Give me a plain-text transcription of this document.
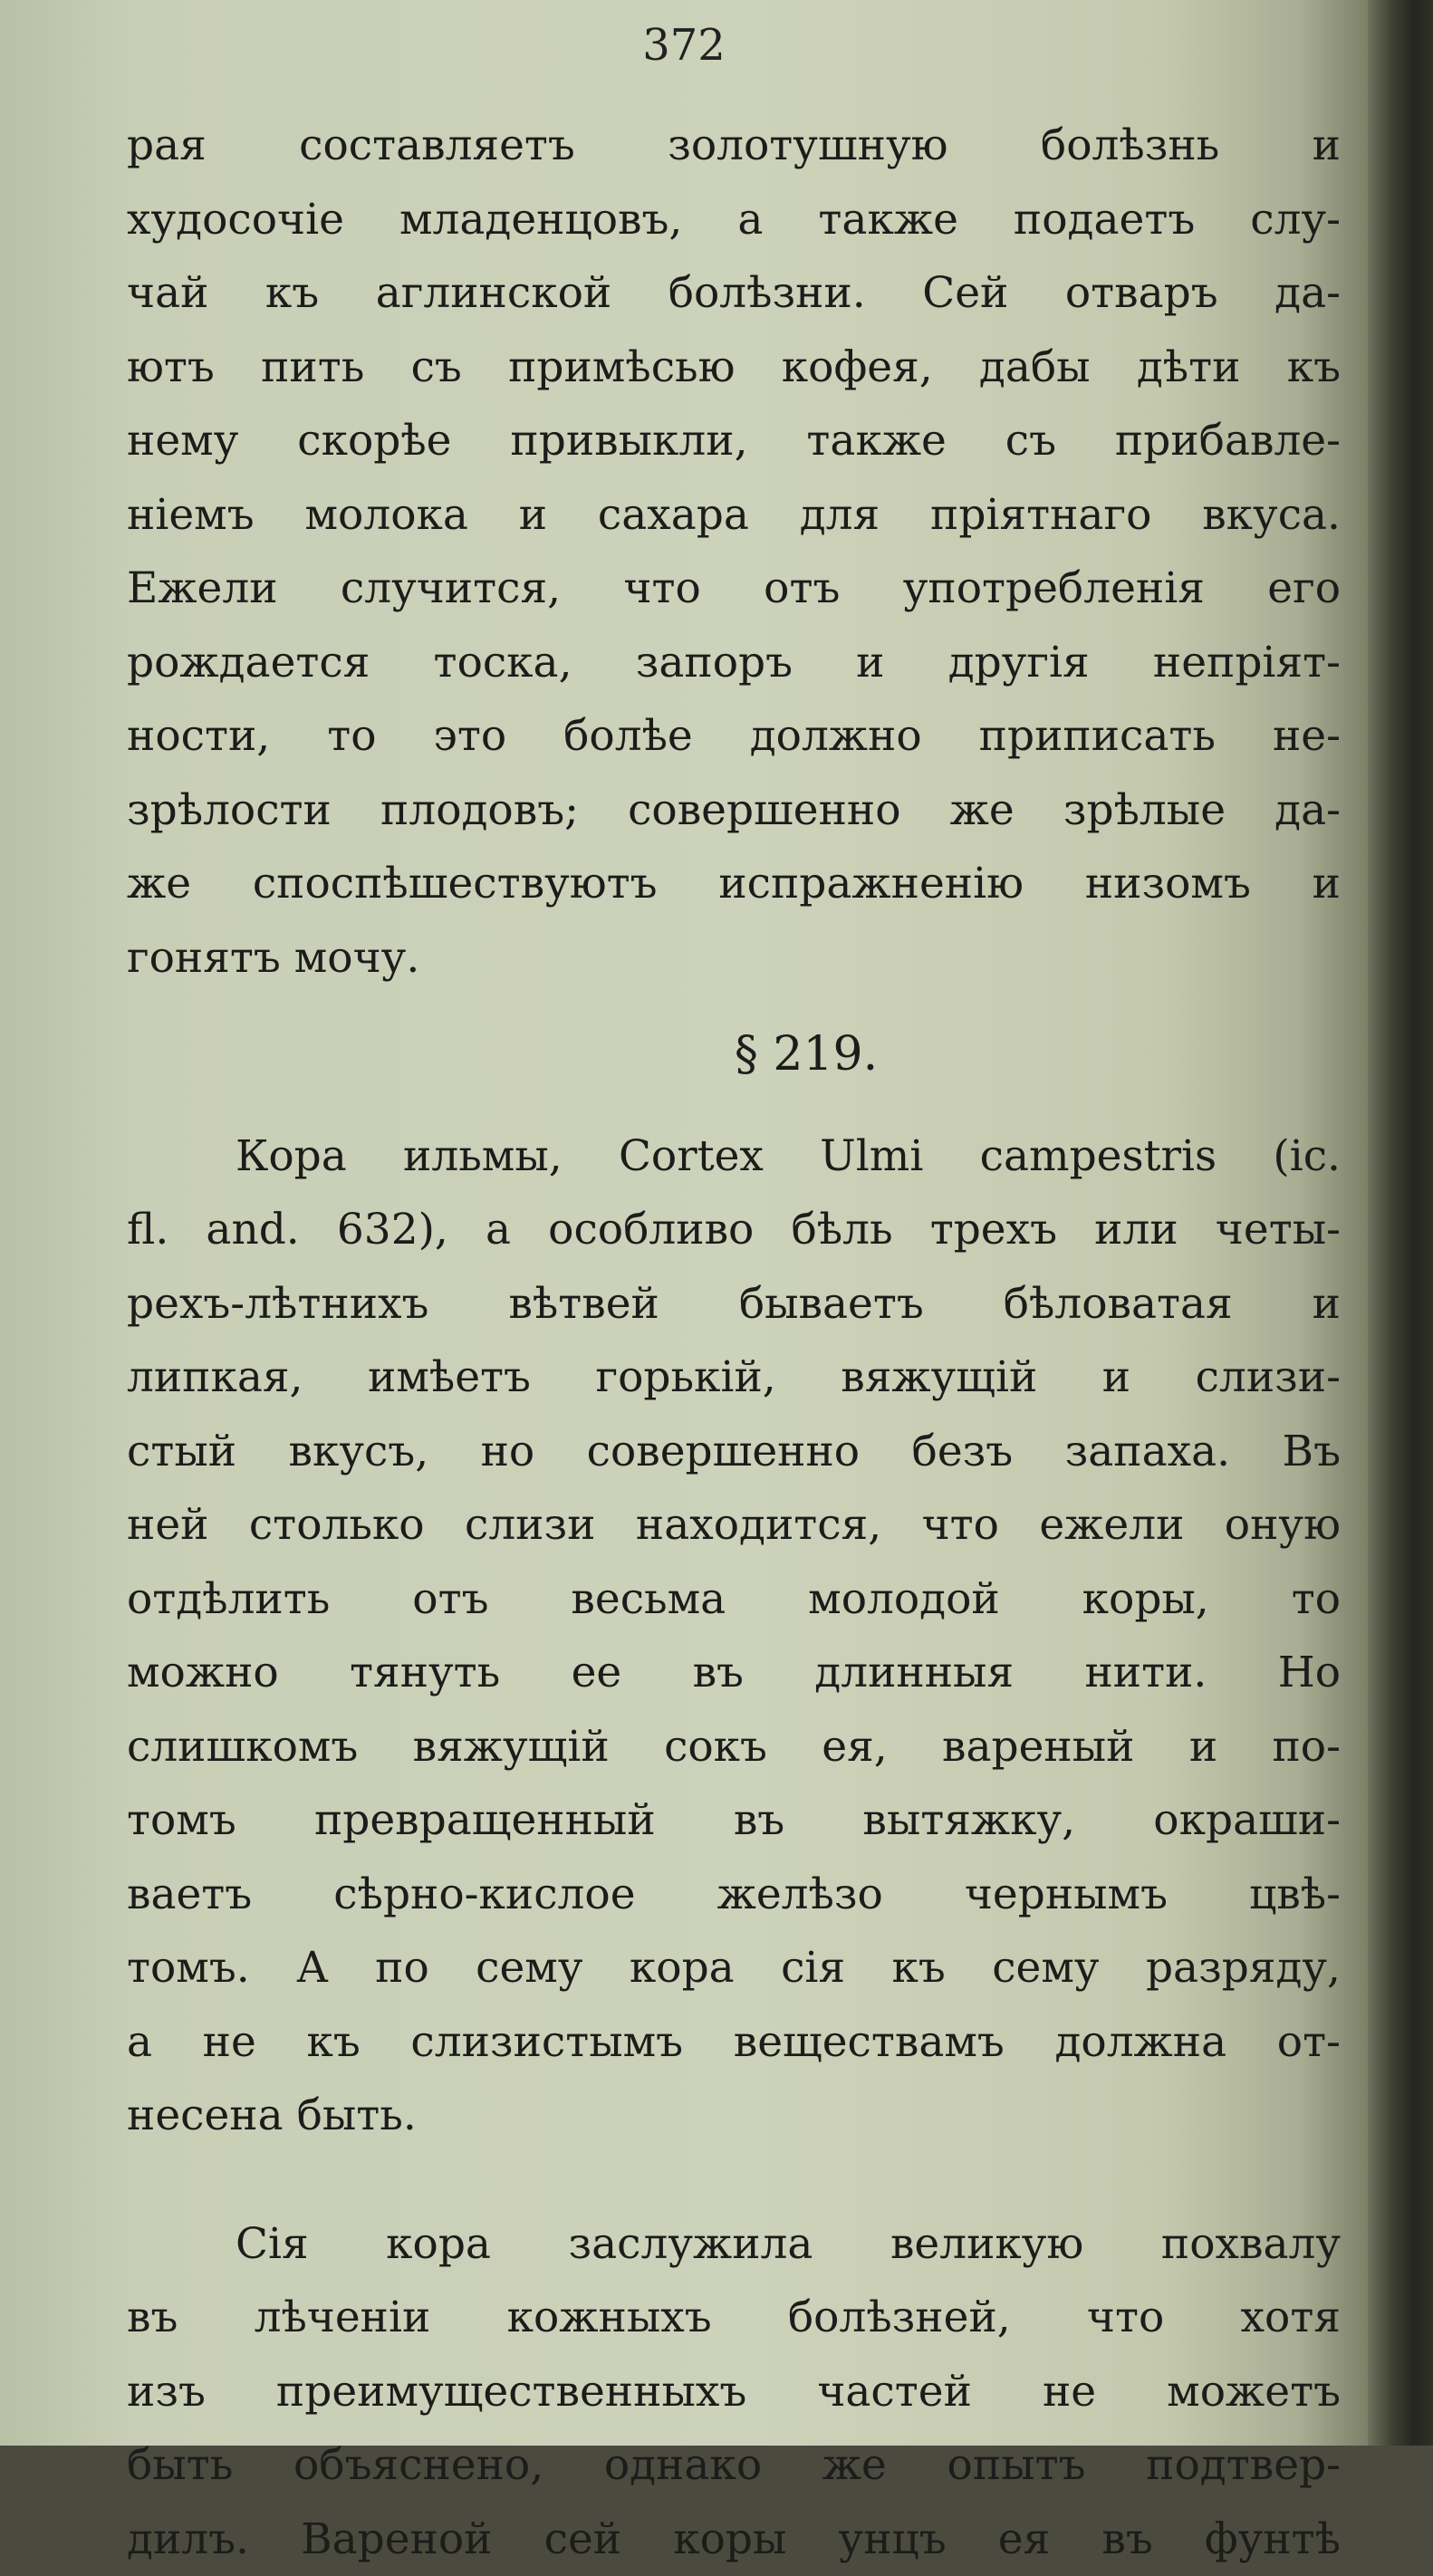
372
рая составляетъ золотушную болѣзнь и
худосочіе младенцовъ, а также подаетъ слу-
чай къ аглинской болѣзни. Сей отваръ да-
ютъ пить съ примѣсью кофея, дабы дѣти къ
нему скорѣе привыкли, также съ прибавле-
ніемъ молока и сахара для пріятнаго вкуса.
Ежели случится, что отъ употребленія его
рождается тоска, запоръ и другія непріят-
ности, то это болѣе должно приписать не-
зрѣлости плодовъ; совершенно же зрѣлые да-
же споспѣшествуютъ испражненію низомъ и
гонятъ мочу.
§ 219.
Кора ильмы, Cortex Ulmi campestris (ic.
fl. and. 632), а особливо бѣль трехъ или четы-
рехъ-лѣтнихъ вѣтвей бываетъ бѣловатая и
липкая, имѣетъ горькій, вяжущій и слизи-
стый вкусъ, но совершенно безъ запаха. Въ
ней столько слизи находится, что ежели оную
отдѣлить отъ весьма молодой коры, то
можно тянуть ее въ длинныя нити. Но
слишкомъ вяжущій сокъ ея, вареный и по-
томъ превращенный въ вытяжку, окраши-
ваетъ сѣрно-кислое желѣзо чернымъ цвѣ-
томъ. А по сему кора сія къ сему разряду,
а не къ слизистымъ веществамъ должна от-
несена быть.
Сія кора заслужила великую похвалу
въ лѣченіи кожныхъ болѣзней, что хотя
изъ преимущественныхъ частей не можетъ
быть объяснено, однако же опытъ подтвер-
дилъ. Вареной сей коры унцъ ея въ фунтѣ
